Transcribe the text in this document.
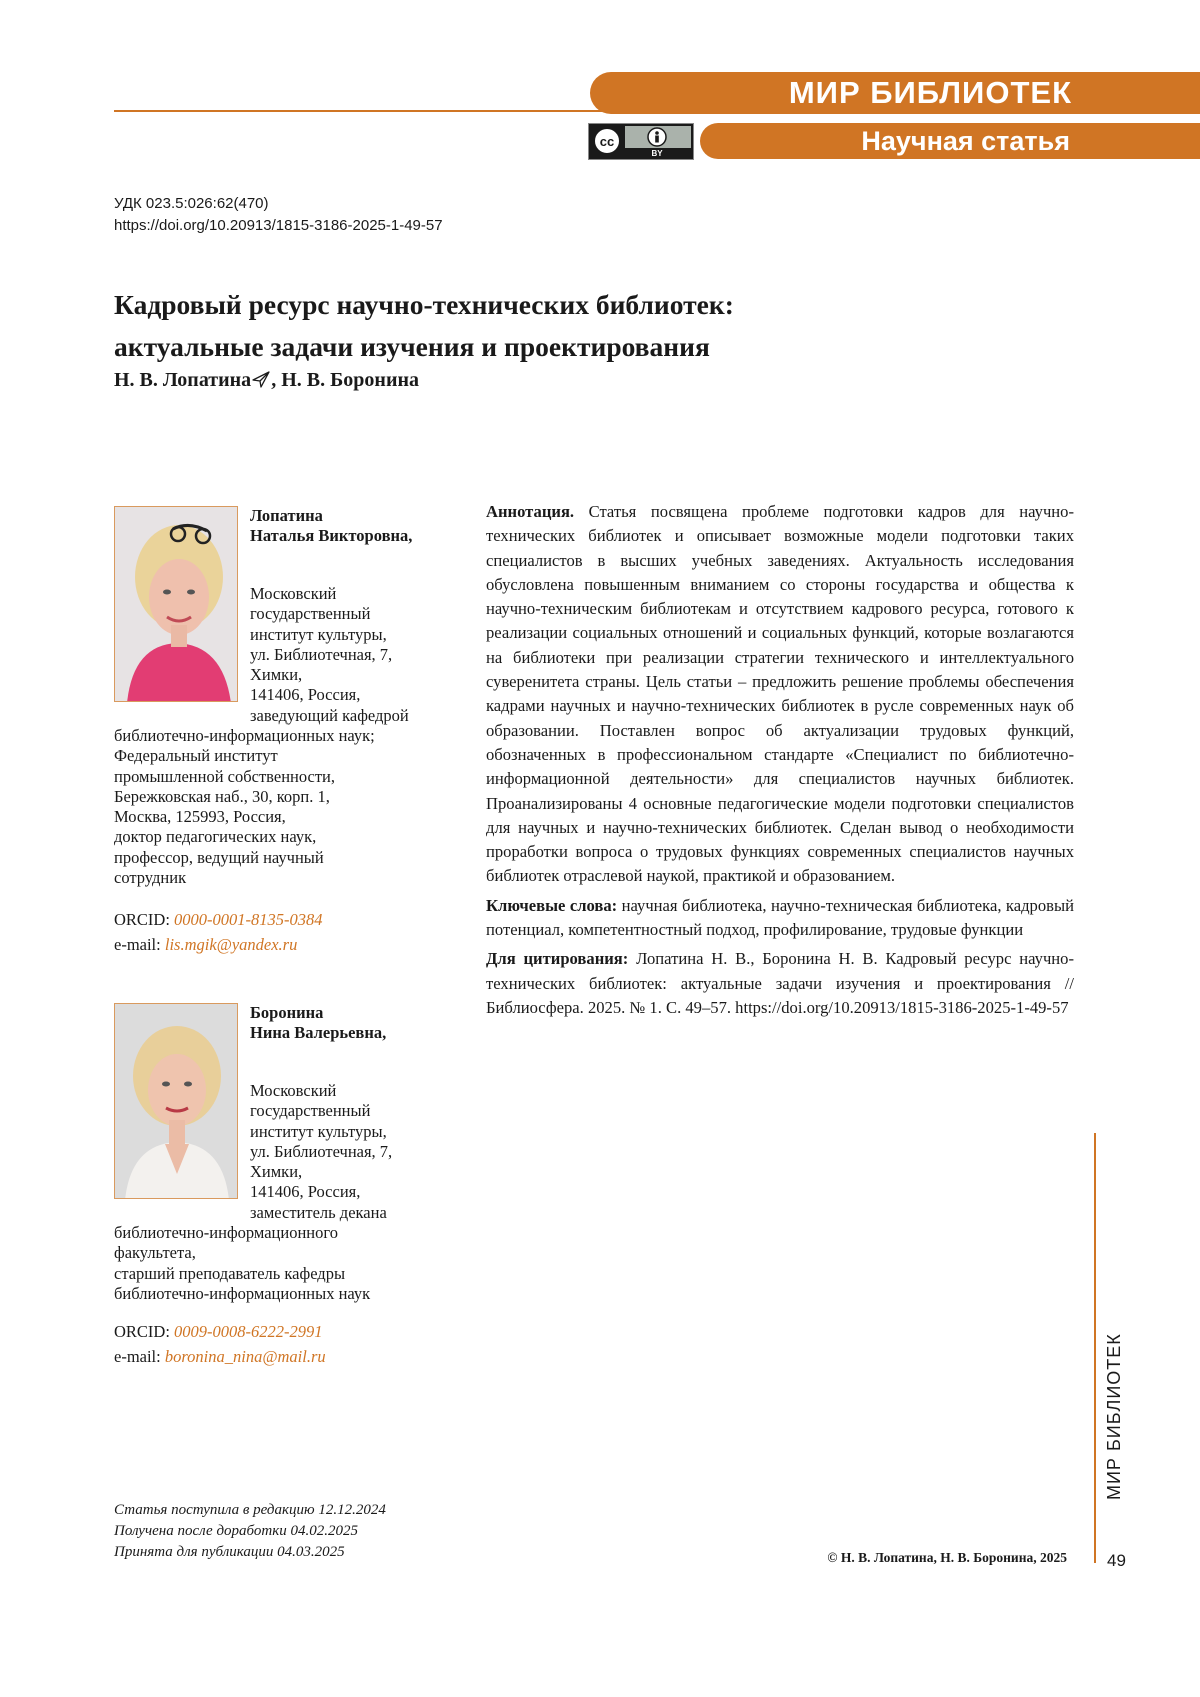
МИР БИБЛИОТЕК
cc
BY	Научная статья
УДК 023.5:026:62(470)
https://doi.org/10.20913/1815-3186-2025-1-49-57
Кадровый ресурс научно-технических библиотек:
актуальные задачи изучения и проектирования
Н. В. Лопатина , Н. В. Боронина
Лопатина
Наталья Викторовна,
Московский
государственный
институт культуры,
ул. Библиотечная, 7,
Химки,
141406, Россия,
заведующий кафедрой
библиотечно-информационных наук;
Федеральный институт
промышленной собственности,
Бережковская наб., 30, корп. 1,
Москва, 125993, Россия,
доктор педагогических наук,
профессор, ведущий научный
сотрудник
ORCID: 0000-0001-8135-0384
e-mail: lis.mgik@yandex.ru
Боронина
Нина Валерьевна,
Московский
государственный
институт культуры,
ул. Библиотечная, 7,
Химки,
141406, Россия,
заместитель декана
библиотечно-информационного
факультета,
старший преподаватель кафедры
библиотечно-информационных наук
ORCID: 0009-0008-6222-2991
e-mail: boronina_nina@mail.ru

Аннотация. Статья посвящена проблеме подготовки кадров для научно-технических библиотек и описывает возможные модели подготовки таких специалистов в высших учебных заведениях. Актуальность исследования обусловлена повышенным вниманием со стороны государства и общества к научно-техническим библиотекам и отсутствием кадрового ресурса, готового к реализации социальных отношений и социальных функций, которые возлагаются на библиотеки при реализации стратегии технического и интеллектуального суверенитета страны. Цель статьи – предложить решение проблемы обеспечения кадрами научных и научно-технических библиотек в русле современных наук об образовании. Поставлен вопрос об актуализации трудовых функций, обозначенных в профессиональном стандарте «Специалист по библиотечно-информационной деятельности» для специалистов научных библиотек. Проанализированы 4 основные педагогические модели подготовки специалистов для научных и научно-технических библиотек. Сделан вывод о необходимости проработки вопроса о трудовых функциях современных специалистов научных библиотек отраслевой наукой, практикой и образованием.

Ключевые слова: научная библиотека, научно-техническая библиотека, кадровый потенциал, компетентностный подход, профилирование, трудовые функции

Для цитирования: Лопатина Н. В., Боронина Н. В. Кадровый ресурс научно-технических библиотек: актуальные задачи изучения и проектирования // Библиосфера. 2025. № 1. С. 49–57. https://doi.org/10.20913/1815-3186-2025-1-49-57

Статья поступила в редакцию 12.12.2024
Получена после доработки 04.02.2025
Принята для публикации 04.03.2025	© Н. В. Лопатина, Н. В. Боронина, 2025
МИР БИБЛИОТЕК
49
